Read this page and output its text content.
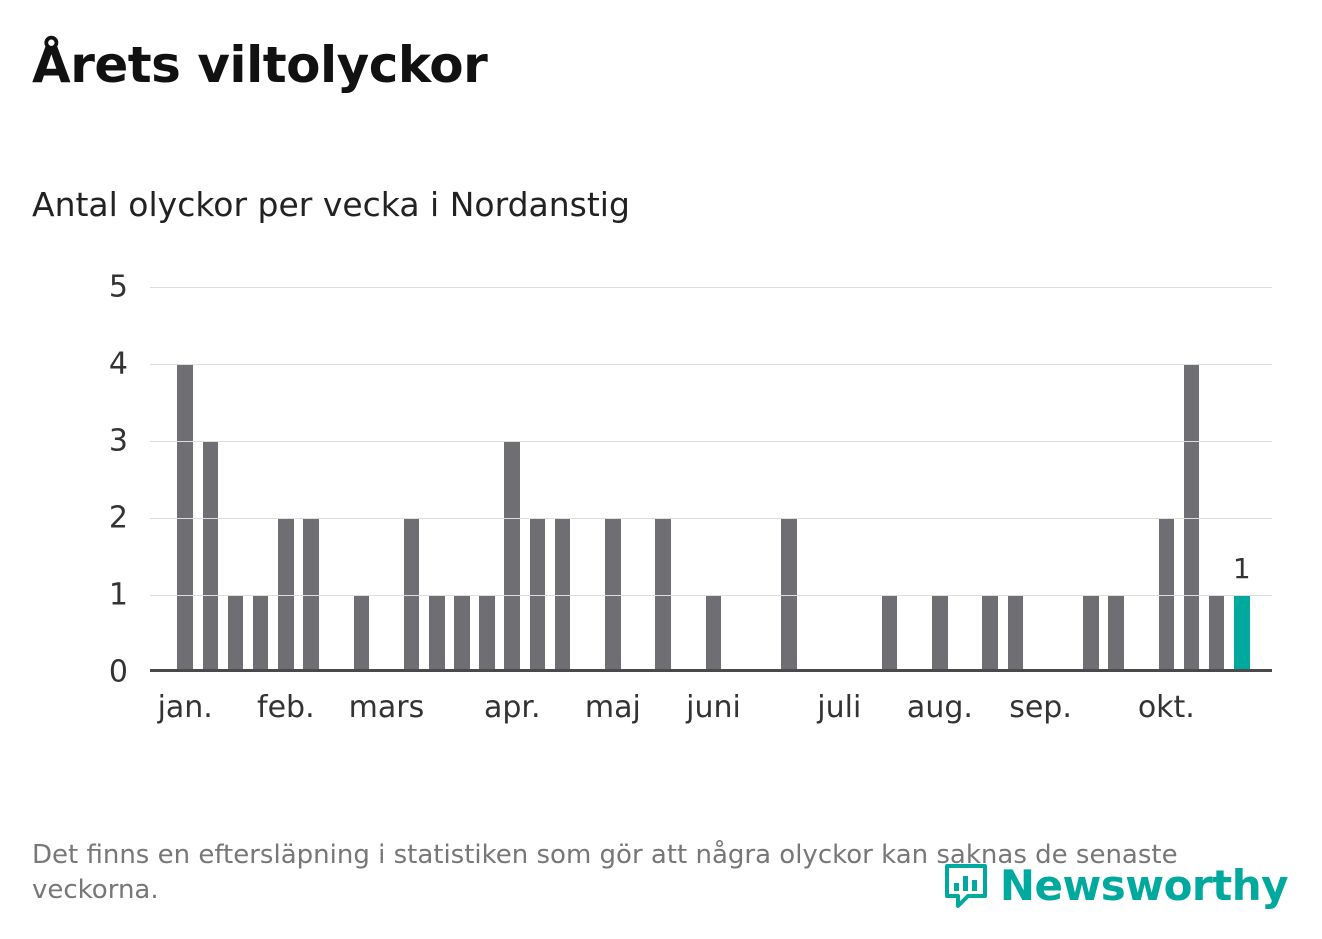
Årets viltolyckor
Antal olyckor per vecka i Nordanstig
1
0
1
2
3
4
5
jan. feb. mars apr. maj juni	juli aug. sep. okt.
Det finns en eftersläpning i statistiken som gör att några olyckor kan saknas de senaste veckorna.	Newsworthy
